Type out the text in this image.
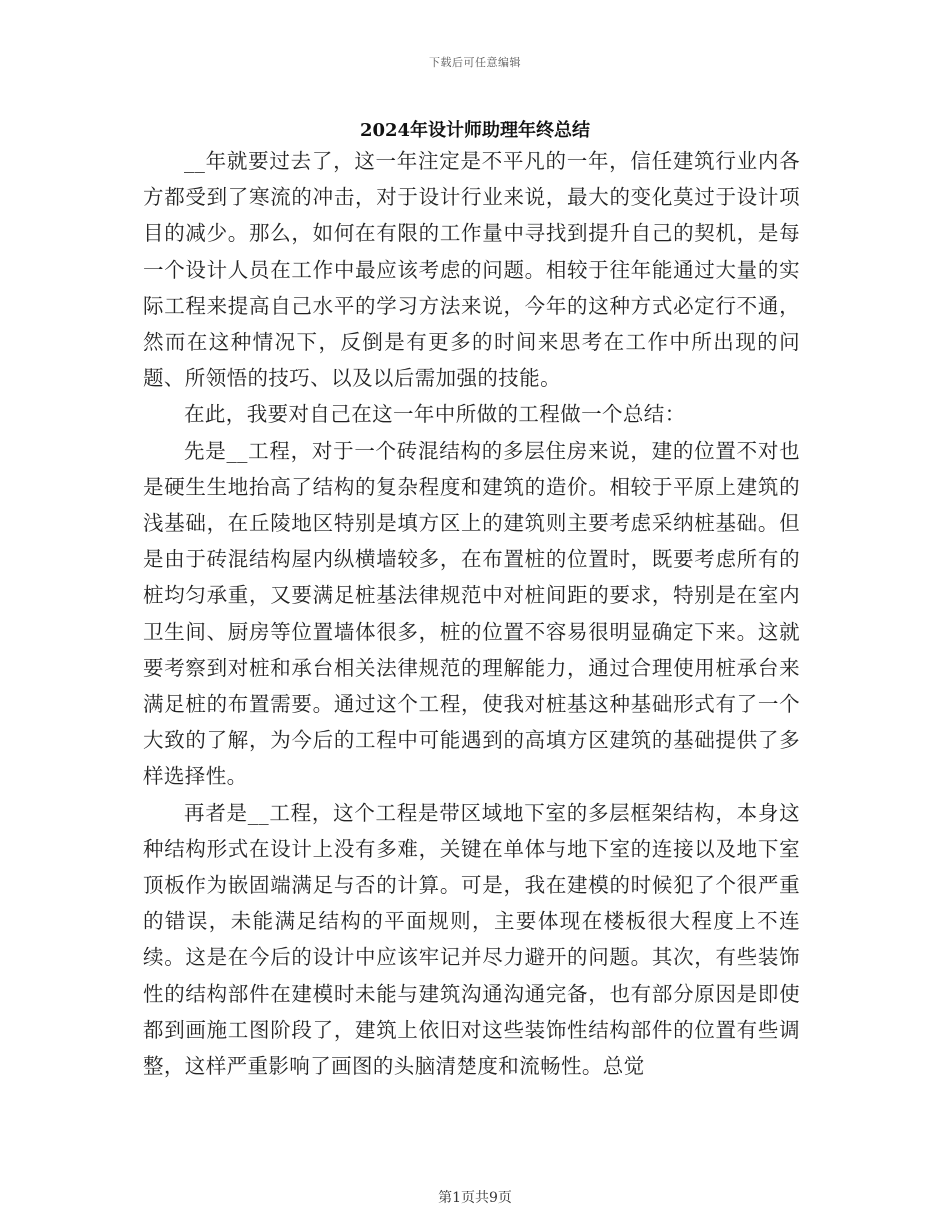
下载后可任意编辑
2024年设计师助理年终总结

__年就要过去了，这一年注定是不平凡的一年，信任建筑行业内各方都受到了寒流的冲击，对于设计行业来说，最大的变化莫过于设计项目的减少。那么，如何在有限的工作量中寻找到提升自己的契机，是每一个设计人员在工作中最应该考虑的问题。相较于往年能通过大量的实际工程来提高自己水平的学习方法来说，今年的这种方式必定行不通，然而在这种情况下，反倒是有更多的时间来思考在工作中所出现的问题、所领悟的技巧、以及以后需加强的技能。

在此，我要对自己在这一年中所做的工程做一个总结：

先是__工程，对于一个砖混结构的多层住房来说，建的位置不对也是硬生生地抬高了结构的复杂程度和建筑的造价。相较于平原上建筑的浅基础，在丘陵地区特别是填方区上的建筑则主要考虑采纳桩基础。但是由于砖混结构屋内纵横墙较多，在布置桩的位置时，既要考虑所有的桩均匀承重，又要满足桩基法律规范中对桩间距的要求，特别是在室内卫生间、厨房等位置墙体很多，桩的位置不容易很明显确定下来。这就要考察到对桩和承台相关法律规范的理解能力，通过合理使用桩承台来满足桩的布置需要。通过这个工程，使我对桩基这种基础形式有了一个大致的了解，为今后的工程中可能遇到的高填方区建筑的基础提供了多样选择性。

再者是__工程，这个工程是带区域地下室的多层框架结构，本身这种结构形式在设计上没有多难，关键在单体与地下室的连接以及地下室顶板作为嵌固端满足与否的计算。可是，我在建模的时候犯了个很严重的错误，未能满足结构的平面规则，主要体现在楼板很大程度上不连续。这是在今后的设计中应该牢记并尽力避开的问题。其次，有些装饰性的结构部件在建模时未能与建筑沟通沟通完备，也有部分原因是即使都到画施工图阶段了，建筑上依旧对这些装饰性结构部件的位置有些调整，这样严重影响了画图的头脑清楚度和流畅性。总觉

第1页共9页
